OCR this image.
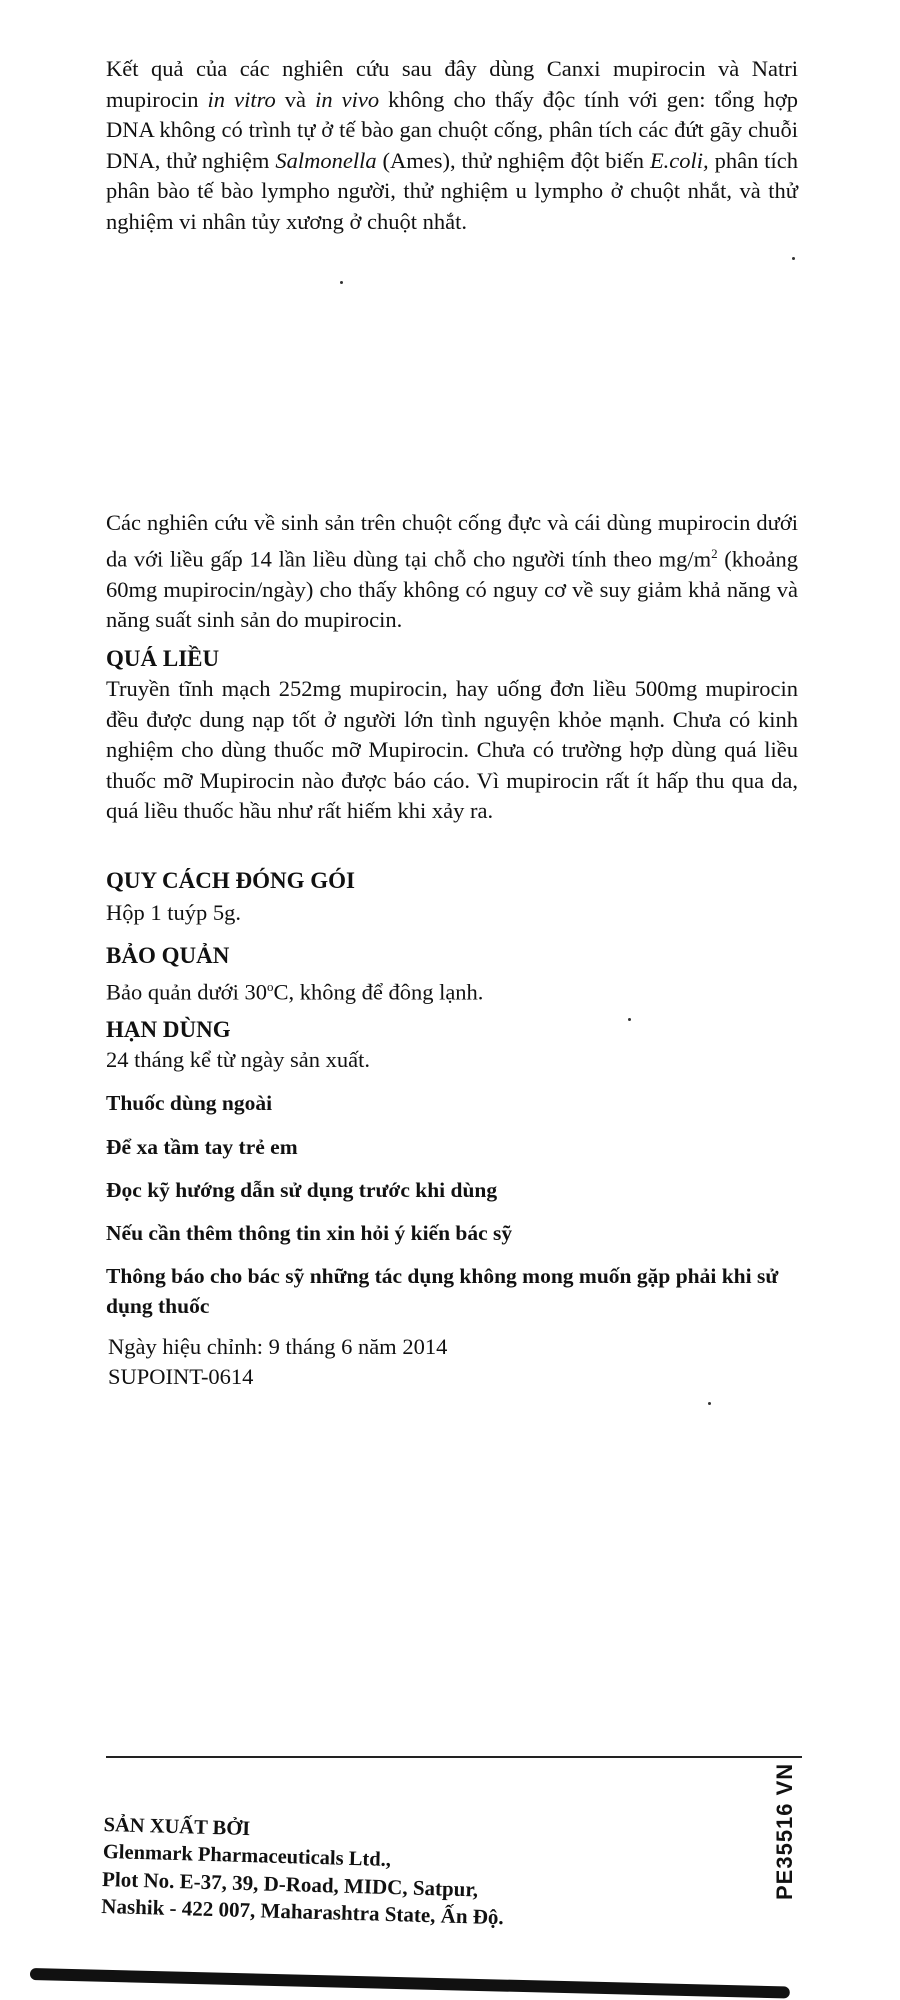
Kết quả của các nghiên cứu sau đây dùng Canxi mupirocin và Natri mupirocin in vitro và in vivo không cho thấy độc tính với gen: tổng hợp DNA không có trình tự ở tế bào gan chuột cống, phân tích các đứt gãy chuỗi DNA, thử nghiệm Salmonella (Ames), thử nghiệm đột biến E.coli, phân tích phân bào tế bào lympho người, thử nghiệm u lympho ở chuột nhắt, và thử nghiệm vi nhân tủy xương ở chuột nhắt.

Các nghiên cứu về sinh sản trên chuột cống đực và cái dùng mupirocin dưới da với liều gấp 14 lần liều dùng tại chỗ cho người tính theo $mg/m^2$ (khoảng 60mg mupirocin/ngày) cho thấy không có nguy cơ về suy giảm khả năng và năng suất sinh sản do mupirocin.

QUÁ LIỀU

Truyền tĩnh mạch 252mg mupirocin, hay uống đơn liều 500mg mupirocin đều được dung nạp tốt ở người lớn tình nguyện khỏe mạnh. Chưa có kinh nghiệm cho dùng thuốc mỡ Mupirocin. Chưa có trường hợp dùng quá liều thuốc mỡ Mupirocin nào được báo cáo. Vì mupirocin rất ít hấp thu qua da, quá liều thuốc hầu như rất hiếm khi xảy ra.

QUY CÁCH ĐÓNG GÓI

Hộp 1 tuýp 5g.

BẢO QUẢN

Bảo quản dưới 30$^o$C, không để đông lạnh.

HẠN DÙNG

24 tháng kể từ ngày sản xuất.

Thuốc dùng ngoài

Để xa tầm tay trẻ em

Đọc kỹ hướng dẫn sử dụng trước khi dùng

Nếu cần thêm thông tin xin hỏi ý kiến bác sỹ

Thông báo cho bác sỹ những tác dụng không mong muốn gặp phải khi sử dụng thuốc

Ngày hiệu chỉnh: 9 tháng 6 năm 2014

SUPOINT-0614

SẢN XUẤT BỞI
Glenmark Pharmaceuticals Ltd.,
Plot No. E-37, 39, D-Road, MIDC, Satpur,
Nashik - 422 007, Maharashtra State, Ấn Độ.
PE35516 VN
